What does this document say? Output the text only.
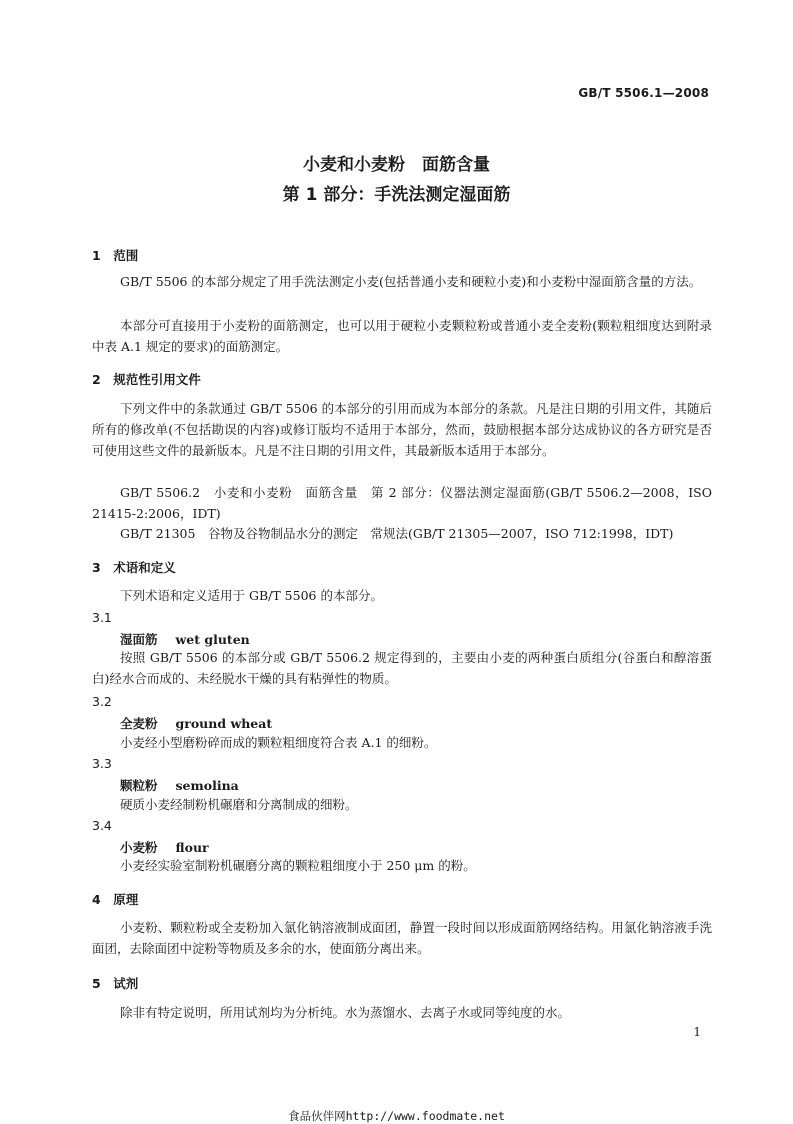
GB/T 5506.1—2008
小麦和小麦粉　面筋含量
第 1 部分：手洗法测定湿面筋
1　范围

GB/T 5506 的本部分规定了用手洗法测定小麦(包括普通小麦和硬粒小麦)和小麦粉中湿面筋含量的方法。

本部分可直接用于小麦粉的面筋测定，也可以用于硬粒小麦颗粒粉或普通小麦全麦粉(颗粒粗细度达到附录中表 A.1 规定的要求)的面筋测定。

2　规范性引用文件

下列文件中的条款通过 GB/T 5506 的本部分的引用而成为本部分的条款。凡是注日期的引用文件，其随后所有的修改单(不包括勘误的内容)或修订版均不适用于本部分，然而，鼓励根据本部分达成协议的各方研究是否可使用这些文件的最新版本。凡是不注日期的引用文件，其最新版本适用于本部分。

GB/T 5506.2　小麦和小麦粉　面筋含量　第 2 部分：仪器法测定湿面筋(GB/T 5506.2—2008，ISO 21415-2:2006，IDT)

GB/T 21305　谷物及谷物制品水分的测定　常规法(GB/T 21305—2007，ISO 712:1998，IDT)

3　术语和定义

下列术语和定义适用于 GB/T 5506 的本部分。

3.1
湿面筋 wet gluten

按照 GB/T 5506 的本部分或 GB/T 5506.2 规定得到的，主要由小麦的两种蛋白质组分(谷蛋白和醇溶蛋白)经水合而成的、未经脱水干燥的具有粘弹性的物质。

3.2
全麦粉 ground wheat

小麦经小型磨粉碎而成的颗粒粗细度符合表 A.1 的细粉。

3.3
颗粒粉 semolina

硬质小麦经制粉机碾磨和分离制成的细粉。

3.4
小麦粉 flour

小麦经实验室制粉机碾磨分离的颗粒粗细度小于 250 μm 的粉。

4　原理

小麦粉、颗粒粉或全麦粉加入氯化钠溶液制成面团，静置一段时间以形成面筋网络结构。用氯化钠溶液手洗面团，去除面团中淀粉等物质及多余的水，使面筋分离出来。

5　试剂

除非有特定说明，所用试剂均为分析纯。水为蒸馏水、去离子水或同等纯度的水。

1
食品伙伴网http://www.foodmate.net
